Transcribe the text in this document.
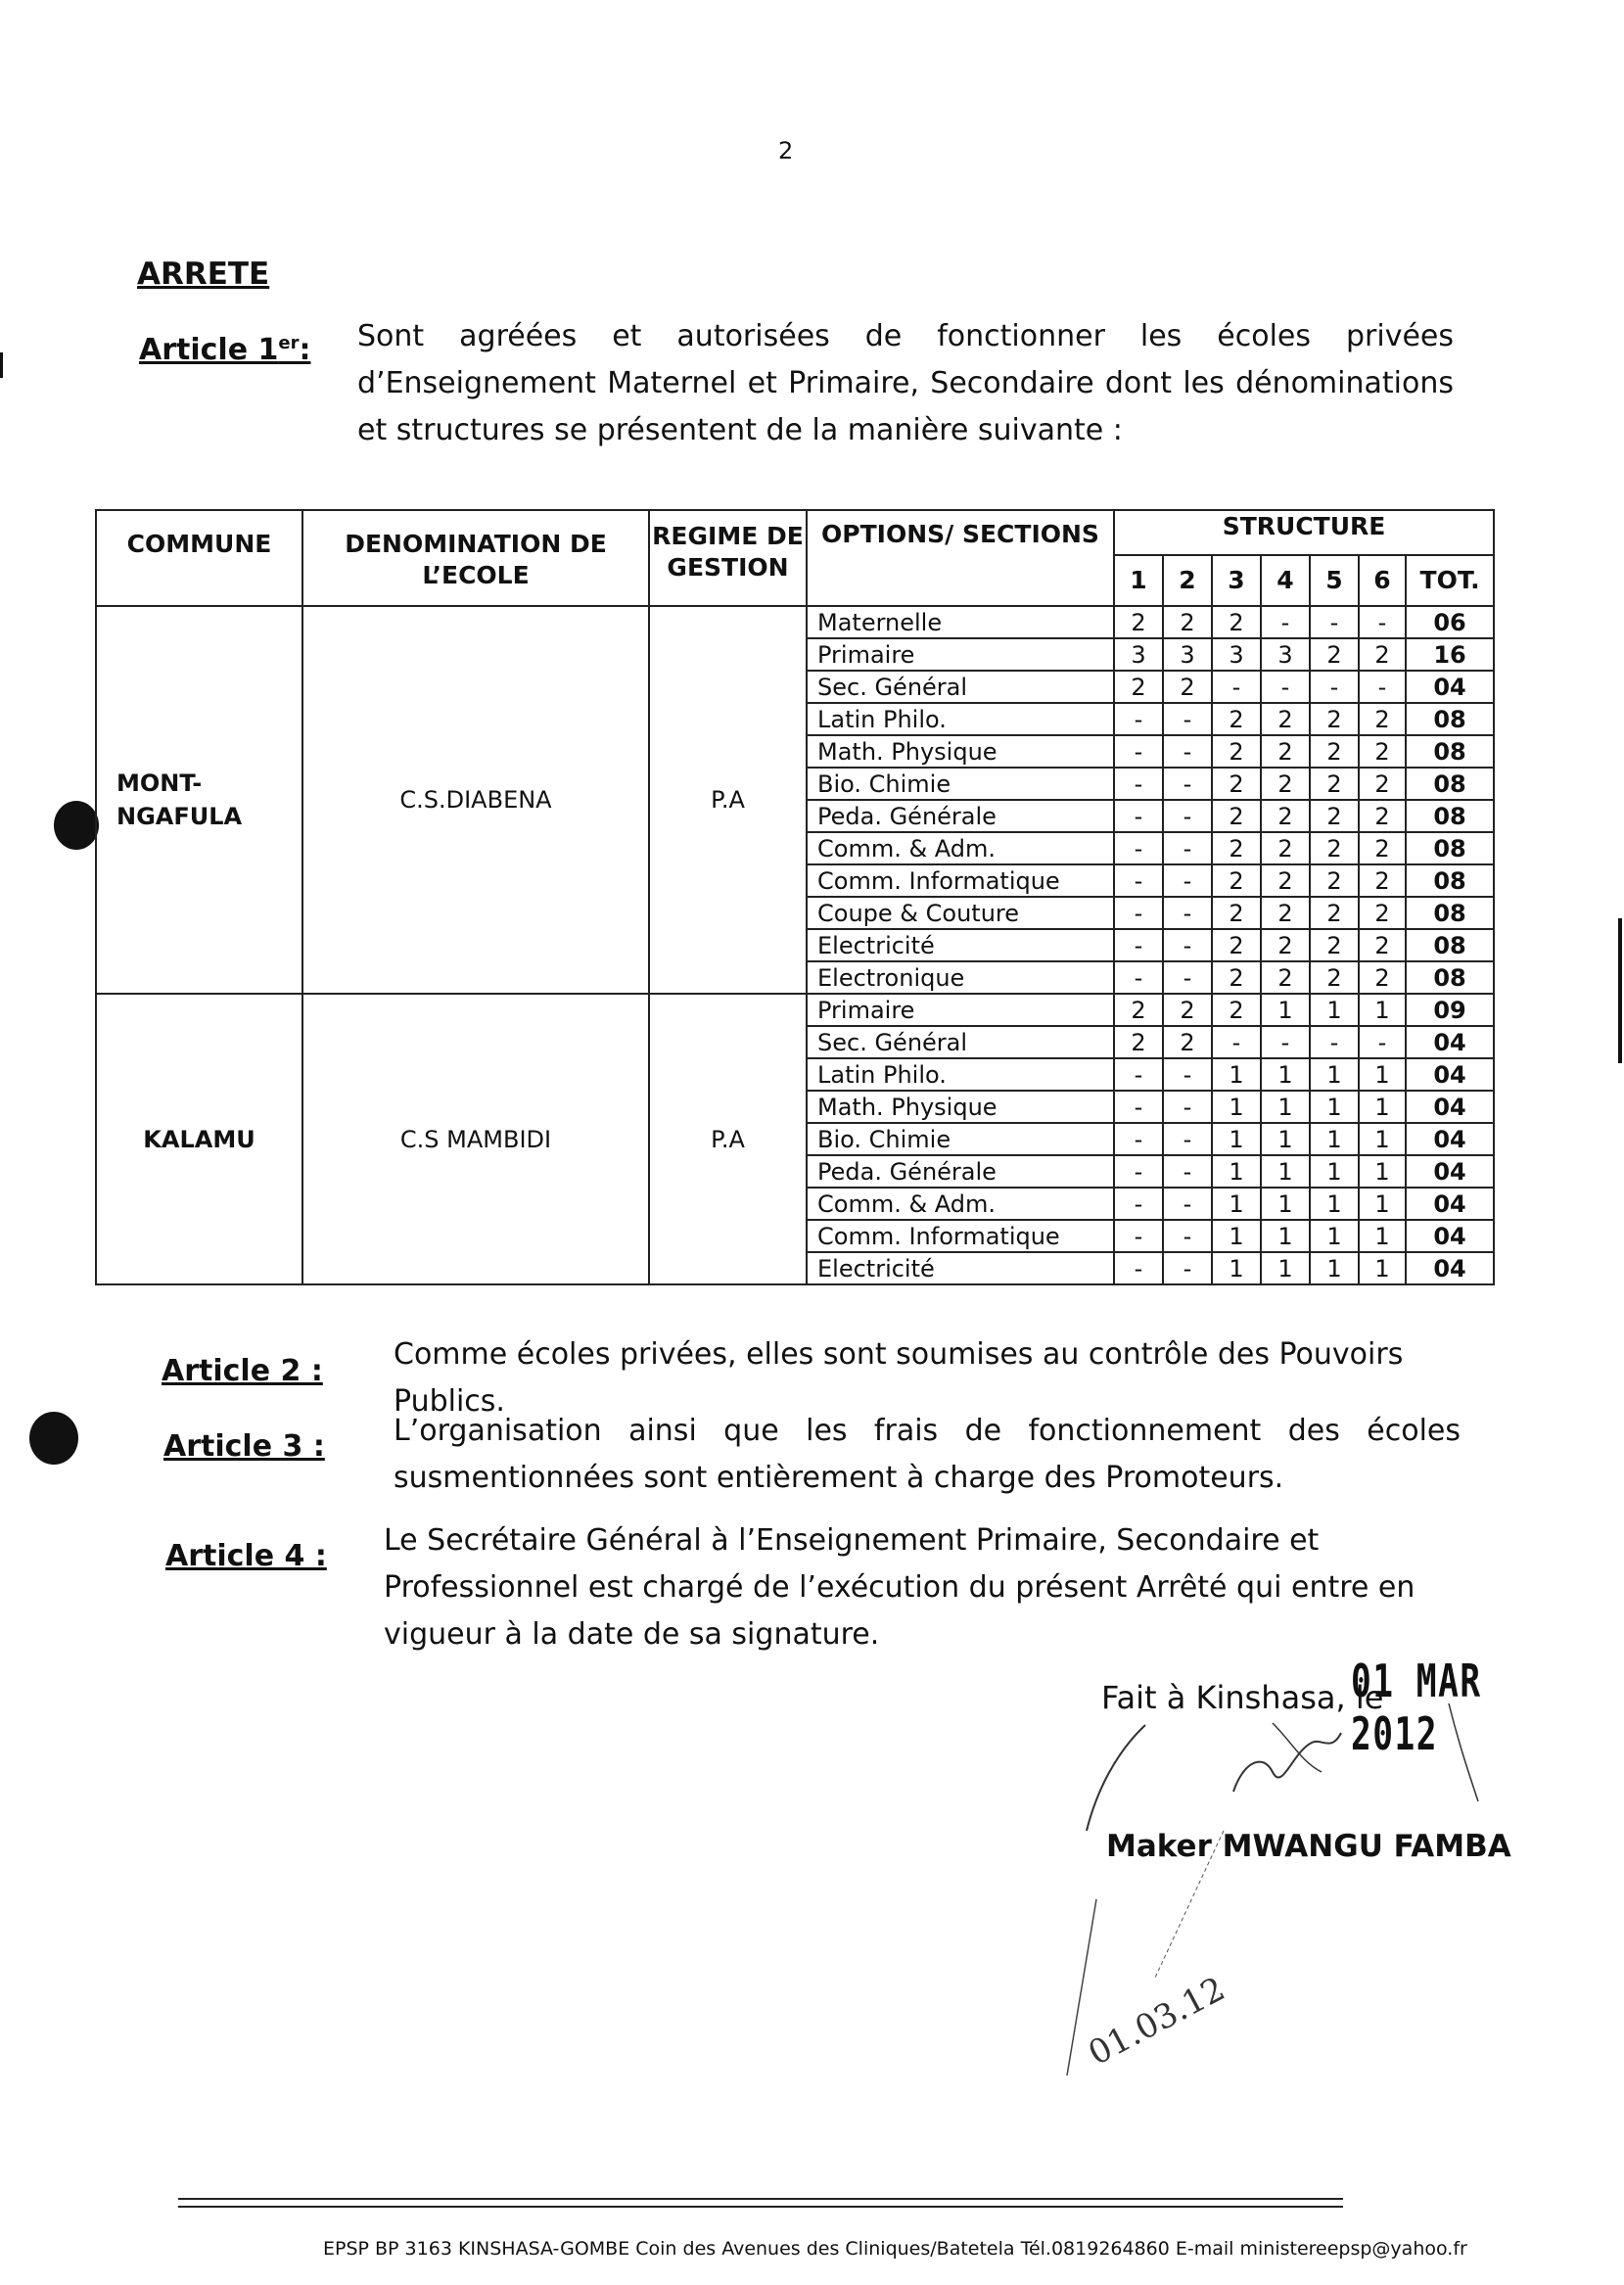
2
ARRETE
Article 1er: Sont agréées et autorisées de fonctionner les écoles privées d’Enseignement Maternel et Primaire, Secondaire dont les dénominations et structures se présentent de la manière suivante :
COMMUNE	DENOMINATION DE L’ECOLE	REGIME DE GESTION	OPTIONS/ SECTIONS	STRUCTURE						
				1	2	3	4	5	6	TOT.
MONT-NGAFULA	C.S.DIABENA	P.A	Maternelle	2	2	2	-	-	-	06
			Primaire	3	3	3	3	2	2	16
			Sec. Général	2	2	-	-	-	-	04
			Latin Philo.	-	-	2	2	2	2	08
			Math. Physique	-	-	2	2	2	2	08
			Bio. Chimie	-	-	2	2	2	2	08
			Peda. Générale	-	-	2	2	2	2	08
			Comm. & Adm.	-	-	2	2	2	2	08
			Comm. Informatique	-	-	2	2	2	2	08
			Coupe & Couture	-	-	2	2	2	2	08
			Electricité	-	-	2	2	2	2	08
			Electronique	-	-	2	2	2	2	08
KALAMU	C.S MAMBIDI	P.A	Primaire	2	2	2	1	1	1	09
			Sec. Général	2	2	-	-	-	-	04
			Latin Philo.	-	-	1	1	1	1	04
			Math. Physique	-	-	1	1	1	1	04
			Bio. Chimie	-	-	1	1	1	1	04
			Peda. Générale	-	-	1	1	1	1	04
			Comm. & Adm.	-	-	1	1	1	1	04
			Comm. Informatique	-	-	1	1	1	1	04
			Electricité	-	-	1	1	1	1	04
Article 2 : Comme écoles privées, elles sont soumises au contrôle des Pouvoirs Publics.
Article 3 : L’organisation ainsi que les frais de fonctionnement des écoles susmentionnées sont entièrement à charge des Promoteurs.
Article 4 : Le Secrétaire Général à l’Enseignement Primaire, Secondaire et Professionnel est chargé de l’exécution du présent Arrêté qui entre en vigueur à la date de sa signature.
Fait à Kinshasa, le
01 MAR 2012
Maker MWANGU FAMBA
01.03.12
EPSP BP 3163 KINSHASA-GOMBE Coin des Avenues des Cliniques/Batetela Tél.0819264860 E-mail ministereepsp@yahoo.fr
